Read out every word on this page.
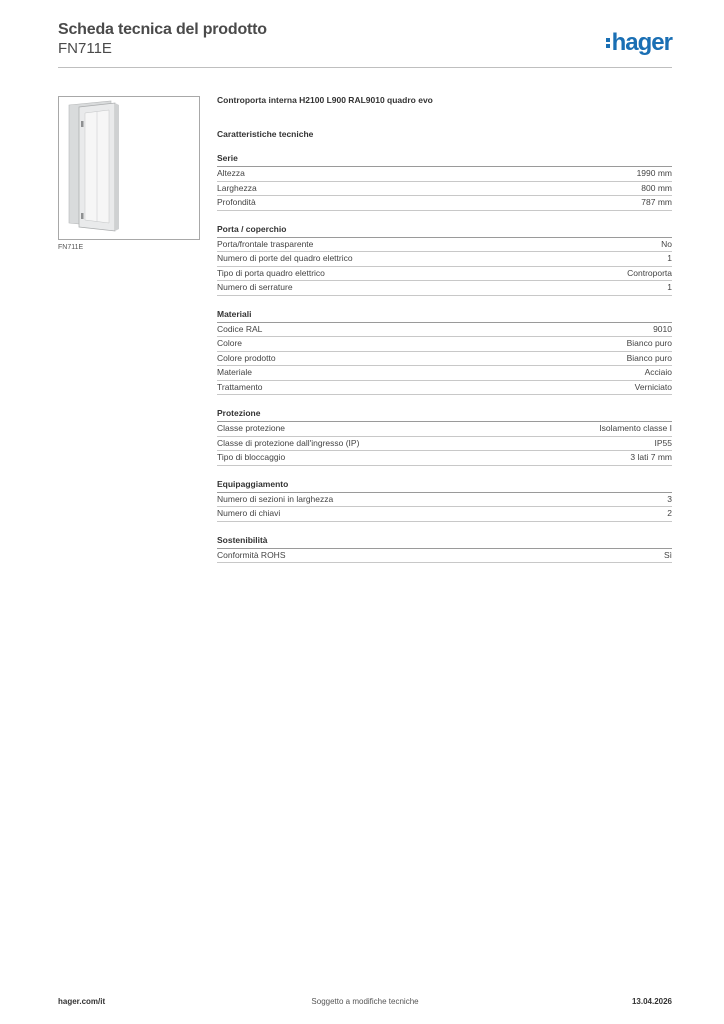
Scheda tecnica del prodotto
FN711E	hager
FN711E
Controporta interna H2100 L900 RAL9010 quadro evo
Caratteristiche tecniche
Serie
Altezza	1990 mm
Larghezza	800 mm
Profondità	787 mm
Porta / coperchio
Porta/frontale trasparente	No
Numero di porte del quadro elettrico	1
Tipo di porta quadro elettrico	Controporta
Numero di serrature	1
Materiali
Codice RAL	9010
Colore	Bianco puro
Colore prodotto	Bianco puro
Materiale	Acciaio
Trattamento	Verniciato
Protezione
Classe protezione	Isolamento classe I
Classe di protezione dall'ingresso (IP)	IP55
Tipo di bloccaggio	3 lati 7 mm
Equipaggiamento
Numero di sezioni in larghezza	3
Numero di chiavi	2
Sostenibilità
Conformità ROHS	Sì
hager.com/it	Soggetto a modifiche tecniche	13.04.2026
